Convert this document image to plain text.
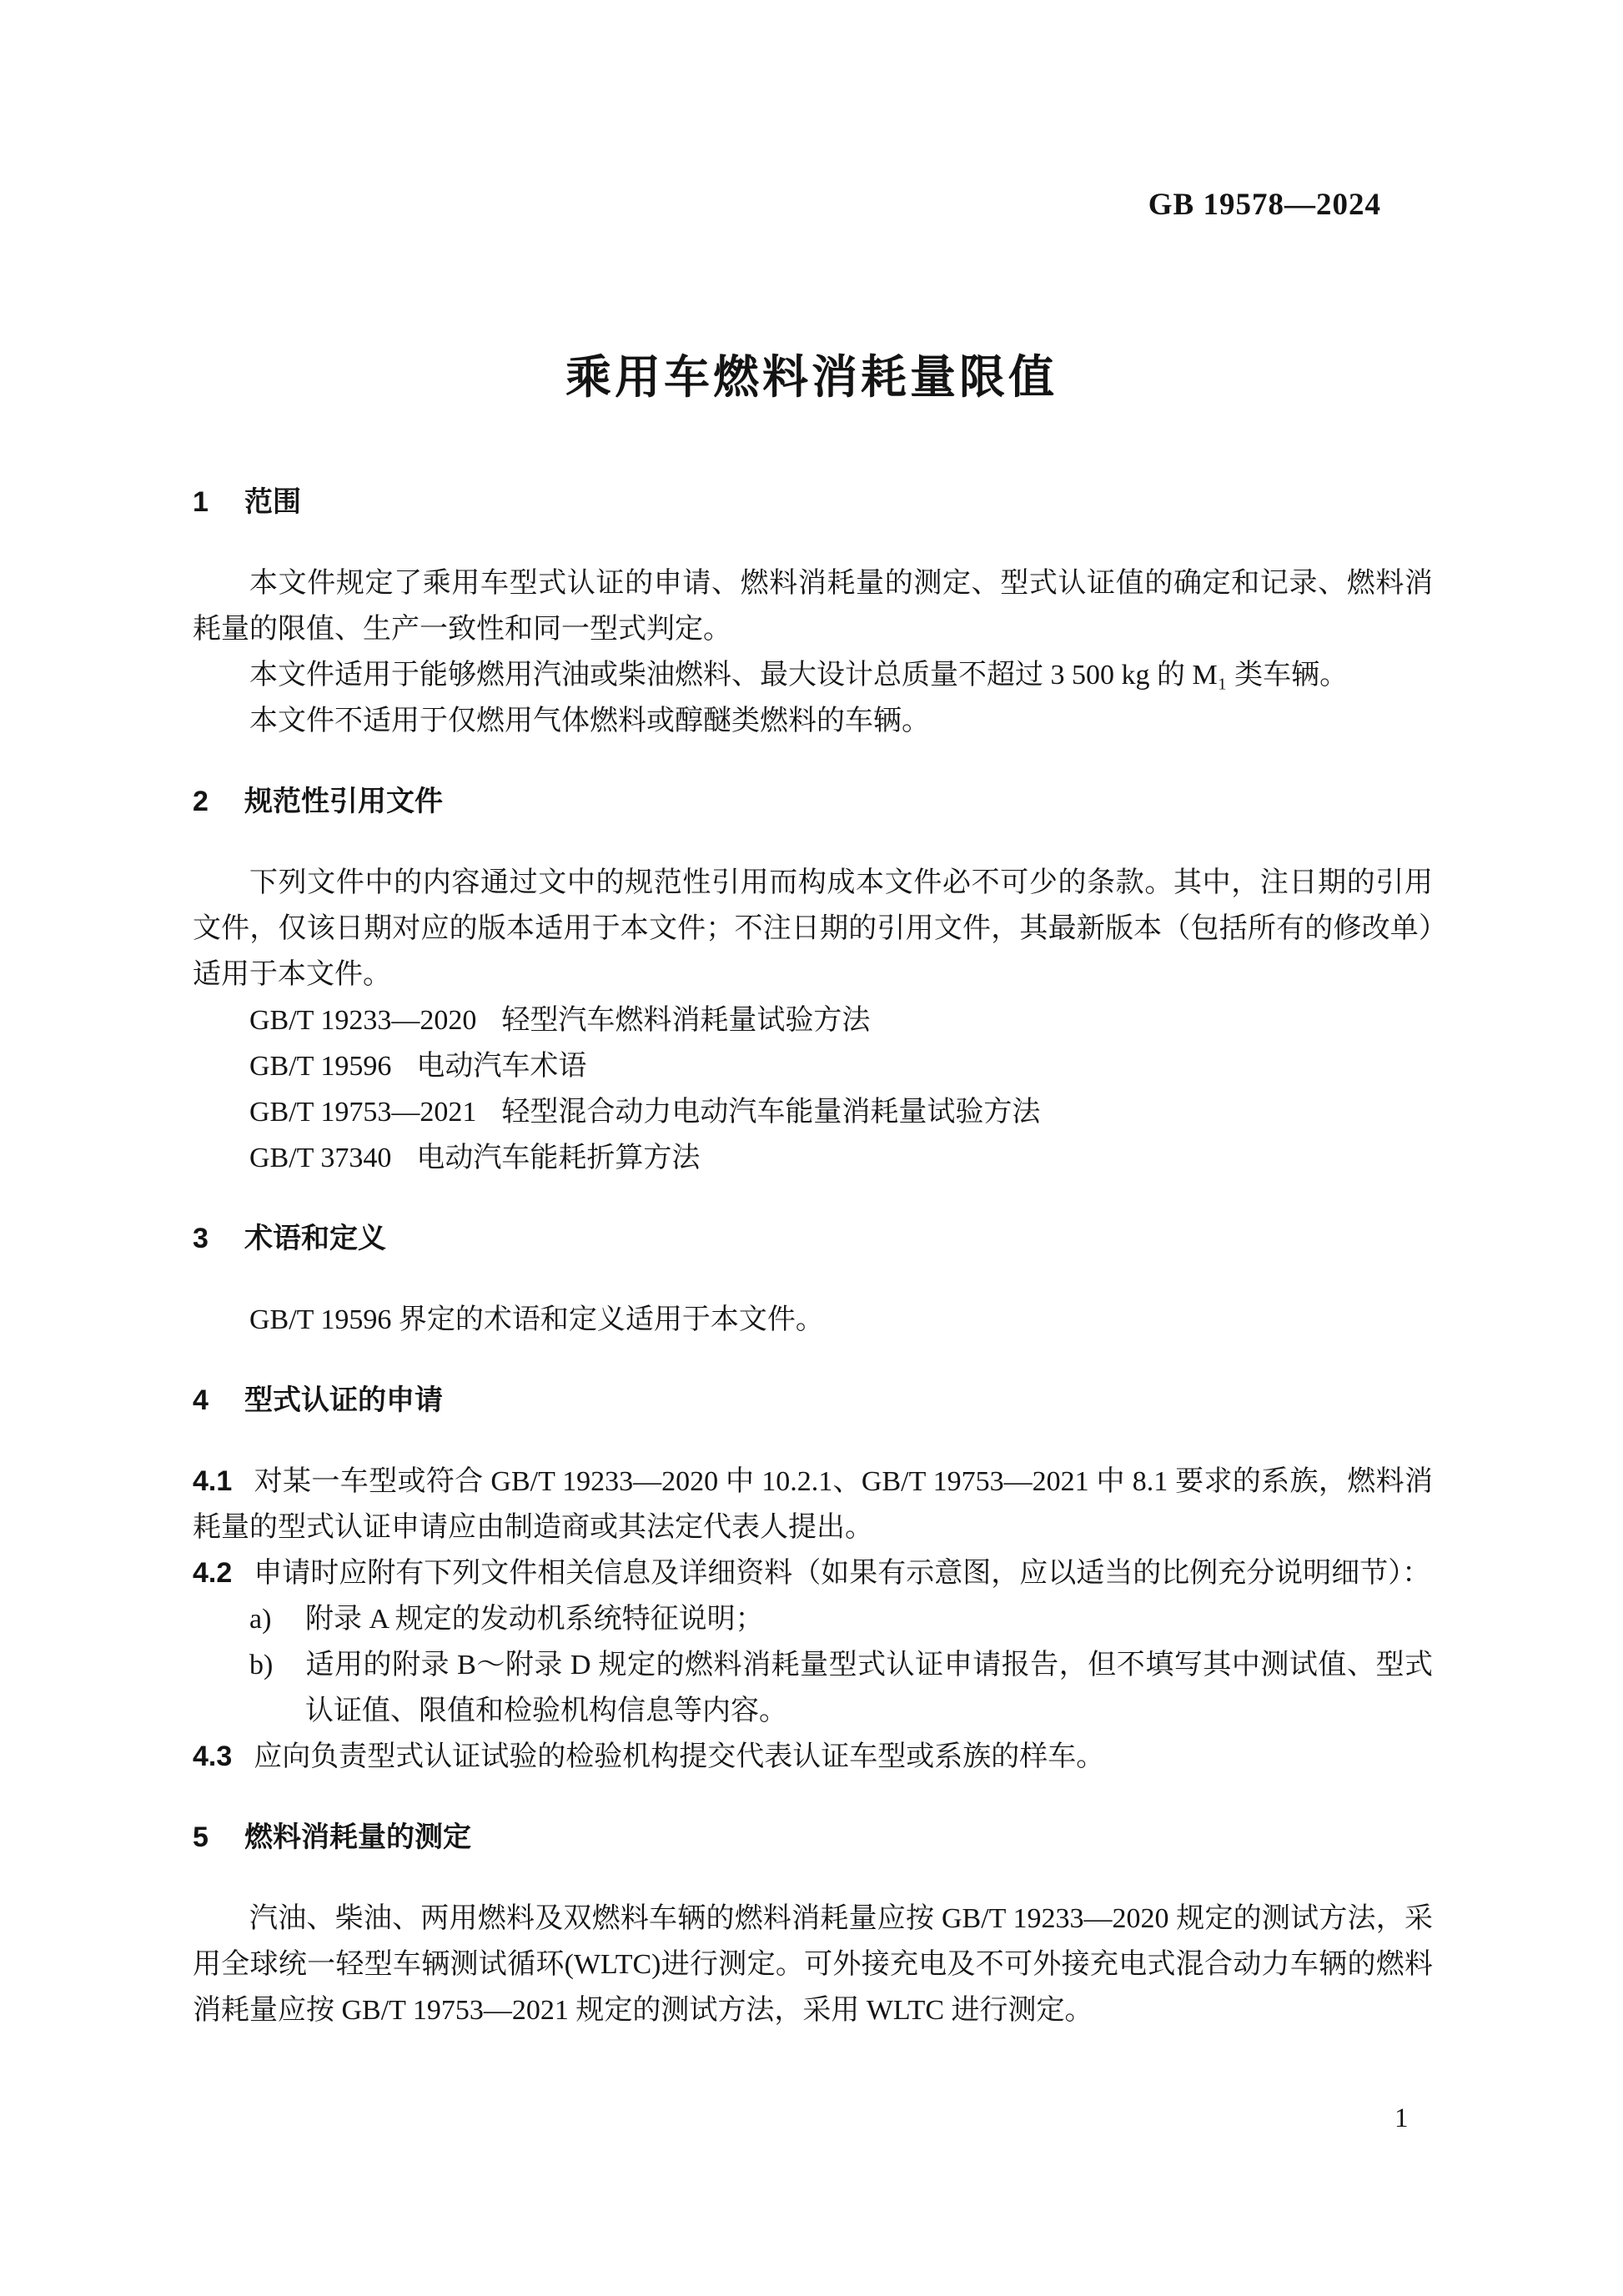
GB 19578—2024
乘用车燃料消耗量限值
1 范围

本文件规定了乘用车型式认证的申请、燃料消耗量的测定、型式认证值的确定和记录、燃料消耗量的限值、生产一致性和同一型式判定。

本文件适用于能够燃用汽油或柴油燃料、最大设计总质量不超过 3 500 kg 的 M₁ 类车辆。

本文件不适用于仅燃用气体燃料或醇醚类燃料的车辆。

2 规范性引用文件

下列文件中的内容通过文中的规范性引用而构成本文件必不可少的条款。其中，注日期的引用文件，仅该日期对应的版本适用于本文件；不注日期的引用文件，其最新版本（包括所有的修改单）适用于本文件。

GB/T 19233—2020 轻型汽车燃料消耗量试验方法
GB/T 19596 电动汽车术语
GB/T 19753—2021 轻型混合动力电动汽车能量消耗量试验方法
GB/T 37340 电动汽车能耗折算方法
3 术语和定义

GB/T 19596 界定的术语和定义适用于本文件。

4 型式认证的申请

4.1 对某一车型或符合 GB/T 19233—2020 中 10.2.1、GB/T 19753—2021 中 8.1 要求的系族，燃料消耗量的型式认证申请应由制造商或其法定代表人提出。

4.2 申请时应附有下列文件相关信息及详细资料（如果有示意图，应以适当的比例充分说明细节）：

a) 附录 A 规定的发动机系统特征说明；
b) 适用的附录 B～附录 D 规定的燃料消耗量型式认证申请报告，但不填写其中测试值、型式认证值、限值和检验机构信息等内容。

4.3 应向负责型式认证试验的检验机构提交代表认证车型或系族的样车。

5 燃料消耗量的测定

汽油、柴油、两用燃料及双燃料车辆的燃料消耗量应按 GB/T 19233—2020 规定的测试方法，采用全球统一轻型车辆测试循环(WLTC)进行测定。可外接充电及不可外接充电式混合动力车辆的燃料消耗量应按 GB/T 19753—2021 规定的测试方法，采用 WLTC 进行测定。

1
